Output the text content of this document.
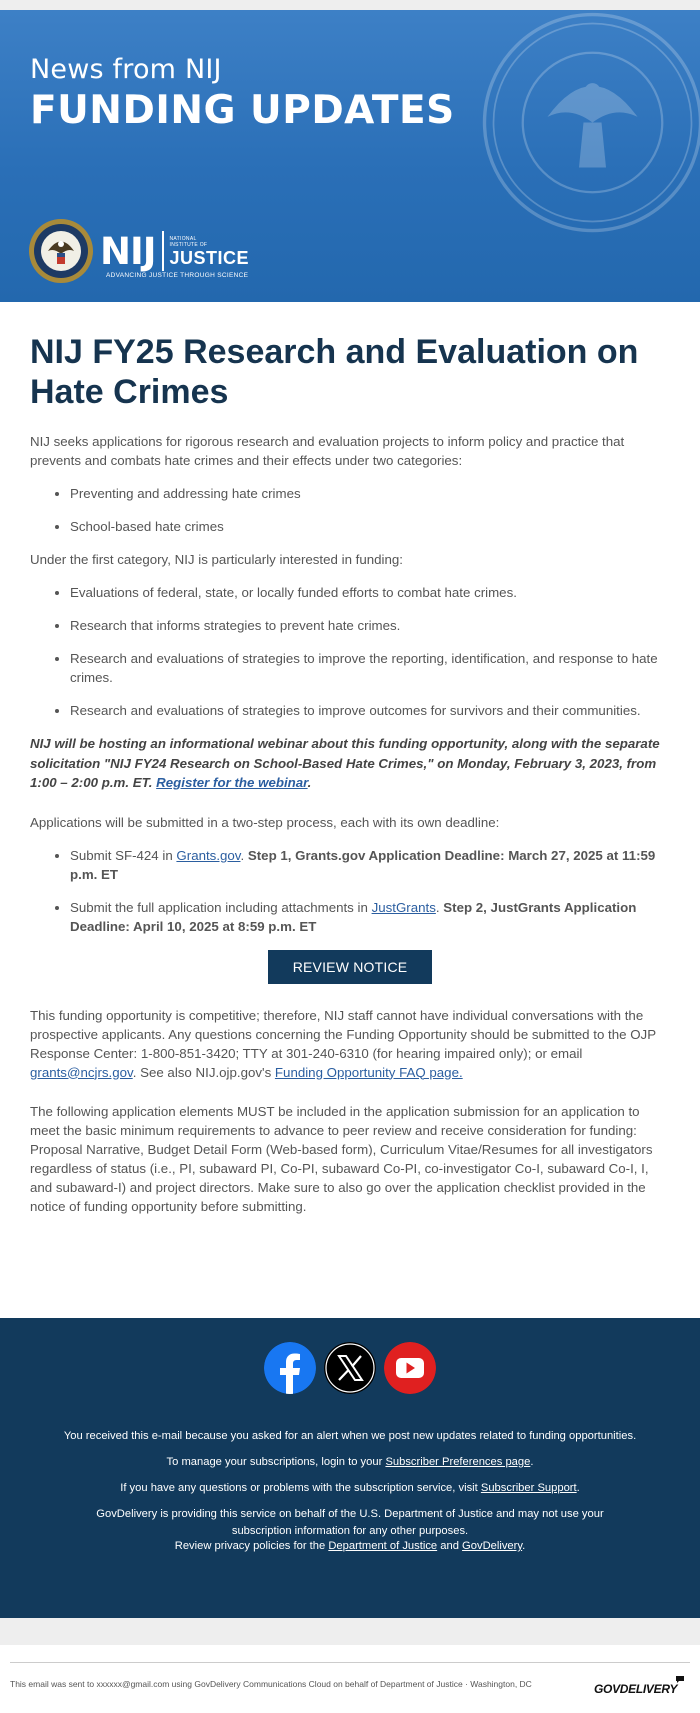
News from NIJ
FUNDING UPDATES
NIJ	NATIONAL
INSTITUTE OF
JUSTICE
ADVANCING JUSTICE THROUGH SCIENCE
NIJ FY25 Research and Evaluation on Hate Crimes

NIJ seeks applications for rigorous research and evaluation projects to inform policy and practice that prevents and combats hate crimes and their effects under two categories:

• Preventing and addressing hate crimes
• School-based hate crimes

Under the first category, NIJ is particularly interested in funding:

• Evaluations of federal, state, or locally funded efforts to combat hate crimes.
• Research that informs strategies to prevent hate crimes.
• Research and evaluations of strategies to improve the reporting, identification, and response to hate crimes.
• Research and evaluations of strategies to improve outcomes for survivors and their communities.

NIJ will be hosting an informational webinar about this funding opportunity, along with the separate solicitation "NIJ FY24 Research on School-Based Hate Crimes," on Monday, February 3, 2023, from 1:00 – 2:00 p.m. ET. Register for the webinar.

Applications will be submitted in a two-step process, each with its own deadline:

• Submit SF-424 in Grants.gov. Step 1, Grants.gov Application Deadline: March 27, 2025 at 11:59 p.m. ET
• Submit the full application including attachments in JustGrants. Step 2, JustGrants Application Deadline: April 10, 2025 at 8:59 p.m. ET
REVIEW NOTICE

This funding opportunity is competitive; therefore, NIJ staff cannot have individual conversations with the prospective applicants. Any questions concerning the Funding Opportunity should be submitted to the OJP Response Center: 1-800-851-3420; TTY at 301-240-6310 (for hearing impaired only); or email grants@ncjrs.gov. See also NIJ.ojp.gov's Funding Opportunity FAQ page.

The following application elements MUST be included in the application submission for an application to meet the basic minimum requirements to advance to peer review and receive consideration for funding: Proposal Narrative, Budget Detail Form (Web-based form), Curriculum Vitae/Resumes for all investigators regardless of status (i.e., PI, subaward PI, Co-PI, subaward Co-PI, co-investigator Co-I, subaward Co-I, I, and subaward-I) and project directors. Make sure to also go over the application checklist provided in the notice of funding opportunity before submitting.

You received this e-mail because you asked for an alert when we post new updates related to funding opportunities.

To manage your subscriptions, login to your Subscriber Preferences page.

If you have any questions or problems with the subscription service, visit Subscriber Support.

GovDelivery is providing this service on behalf of the U.S. Department of Justice and may not use your subscription information for any other purposes.

Review privacy policies for the Department of Justice and GovDelivery.

This email was sent to xxxxxx@gmail.com using GovDelivery Communications Cloud on behalf of Department of Justice · Washington, DC	GOVDELIVERY
